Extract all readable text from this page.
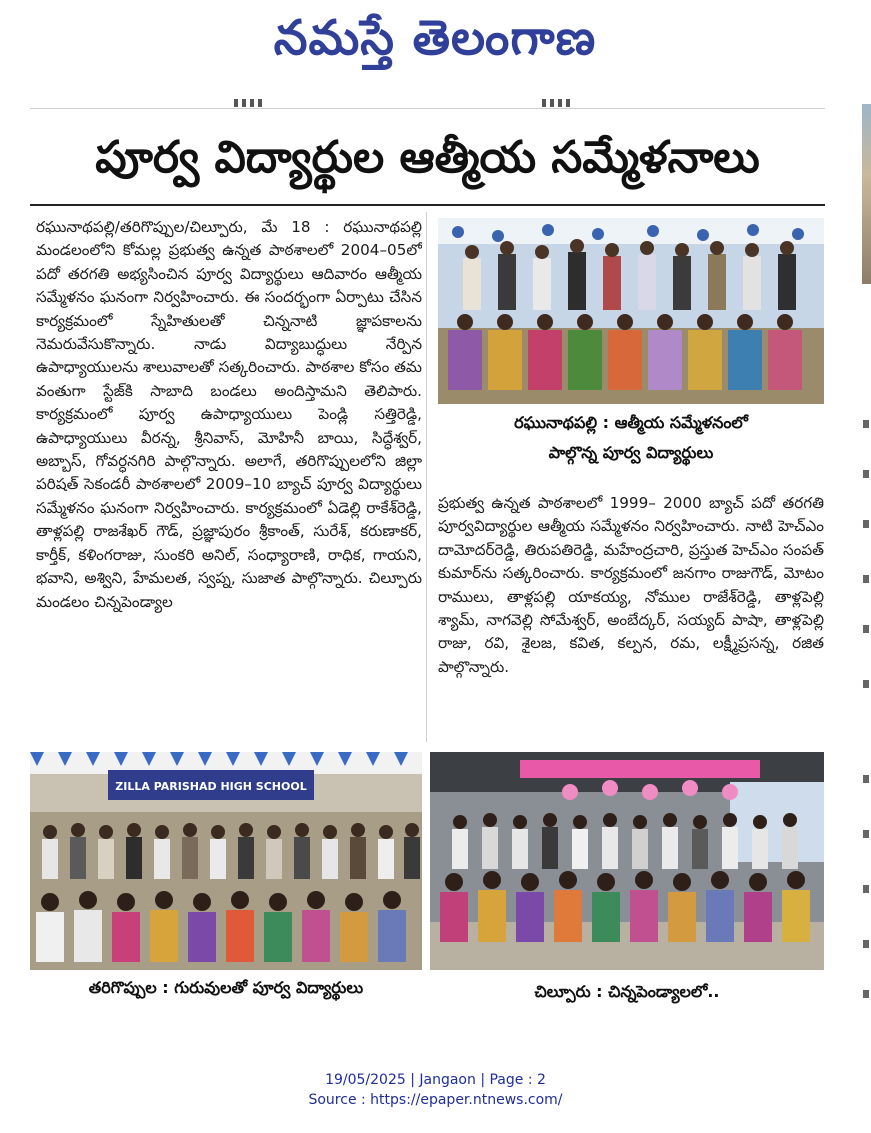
నమస్తే తెలంగాణ
పూర్వ విద్యార్థుల ఆత్మీయ సమ్మేళనాలు
రఘునాథపల్లి/తరిగొప్పుల/చిల్పూరు, మే 18 : రఘునాథపల్లి మండలంలోని కోమల్ల ప్రభుత్వ ఉన్నత పాఠశాలలో 2004–05లో పదో తరగతి అభ్యసించిన పూర్వ విద్యార్థులు ఆదివారం ఆత్మీయ సమ్మేళనం ఘనంగా నిర్వహించారు. ఈ సందర్భంగా ఏర్పాటు చేసిన కార్యక్రమంలో స్నేహితులతో చిన్ననాటి జ్ఞాపకాలను నెమరువేసుకొన్నారు. నాడు విద్యాబుద్ధులు నేర్పిన ఉపాధ్యాయులను శాలువాలతో సత్కరించారు. పాఠశాల కోసం తమ వంతుగా స్టేజ్‌కి సాబాది బండలు అందిస్తామని తెలిపారు. కార్యక్రమంలో పూర్వ ఉపాధ్యాయులు పెండ్లి సత్తిరెడ్డి, ఉపాధ్యాయులు వీరన్న, శ్రీనివాస్, మోహినీ బాయి, సిద్ధేశ్వర్, అబ్బాస్, గోవర్ధనగిరి పాల్గొన్నారు. అలాగే, తరిగొప్పులలోని జిల్లా పరిషత్ సెకండరీ పాఠశాలలో 2009–10 బ్యాచ్ పూర్వ విద్యార్థులు సమ్మేళనం ఘనంగా నిర్వహించారు. కార్యక్రమంలో ఏడెల్లి రాకేశ్‌రెడ్డి, తాళ్లపల్లి రాజశేఖర్ గౌడ్, ప్రజ్ఞాపురం శ్రీకాంత్, సురేశ్, కరుణాకర్, కార్తీక్, కళింగరాజు, సుంకరి అనిల్, సంధ్యారాణి, రాధిక, గాయని, భవాని, అశ్విని, హేమలత, స్వప్న, సుజాత పాల్గొన్నారు. చిల్పూరు మండలం చిన్నపెండ్యాల
రఘునాథపల్లి : ఆత్మీయ సమ్మేళనంలో
పాల్గొన్న పూర్వ విద్యార్థులు
ప్రభుత్వ ఉన్నత పాఠశాలలో 1999– 2000 బ్యాచ్ పదో తరగతి పూర్వవిద్యార్థుల ఆత్మీయ సమ్మేళనం నిర్వహించారు. నాటి హెచ్‌ఎం దామోదర్‌రెడ్డి, తిరుపతిరెడ్డి, మహేంద్రచారి, ప్రస్తుత హెచ్‌ఎం సంపత్ కుమార్‌ను సత్కరించారు. కార్యక్రమంలో జనగాం రాజుగౌడ్, మోటం రాములు, తాళ్లపల్లి యాకయ్య, నోముల రాజేశ్‌రెడ్డి, తాళ్లపెల్లి శ్యామ్, నాగవెల్లి సోమేశ్వర్, అంబేద్కర్, సయ్యద్ పాషా, తాళ్లపెల్లి రాజు, రవి, శైలజ, కవిత, కల్పన, రమ, లక్ష్మీప్రసన్న, రజిత పాల్గొన్నారు.
ZILLA PARISHAD HIGH SCHOOL
తరిగొప్పుల : గురువులతో పూర్వ విద్యార్థులు	చిల్పూరు : చిన్నపెండ్యాలలో..
19/05/2025 | Jangaon | Page : 2
Source : https://epaper.ntnews.com/
